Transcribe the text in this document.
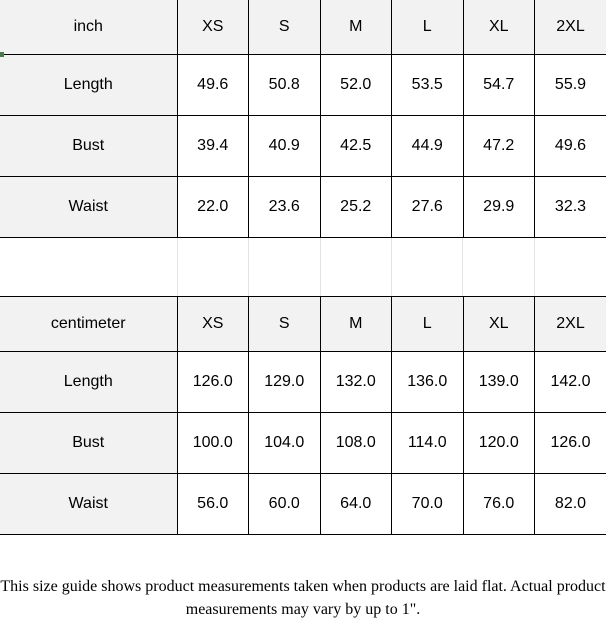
inch	XS	S	M	L	XL	2XL
Length	49.6	50.8	52.0	53.5	54.7	55.9
Bust	39.4	40.9	42.5	44.9	47.2	49.6
Waist	22.0	23.6	25.2	27.6	29.9	32.3
centimeter	XS	S	M	L	XL	2XL
Length	126.0	129.0	132.0	136.0	139.0	142.0
Bust	100.0	104.0	108.0	114.0	120.0	126.0
Waist	56.0	60.0	64.0	70.0	76.0	82.0
This size guide shows product measurements taken when products are laid flat. Actual product
measurements may vary by up to 1".
